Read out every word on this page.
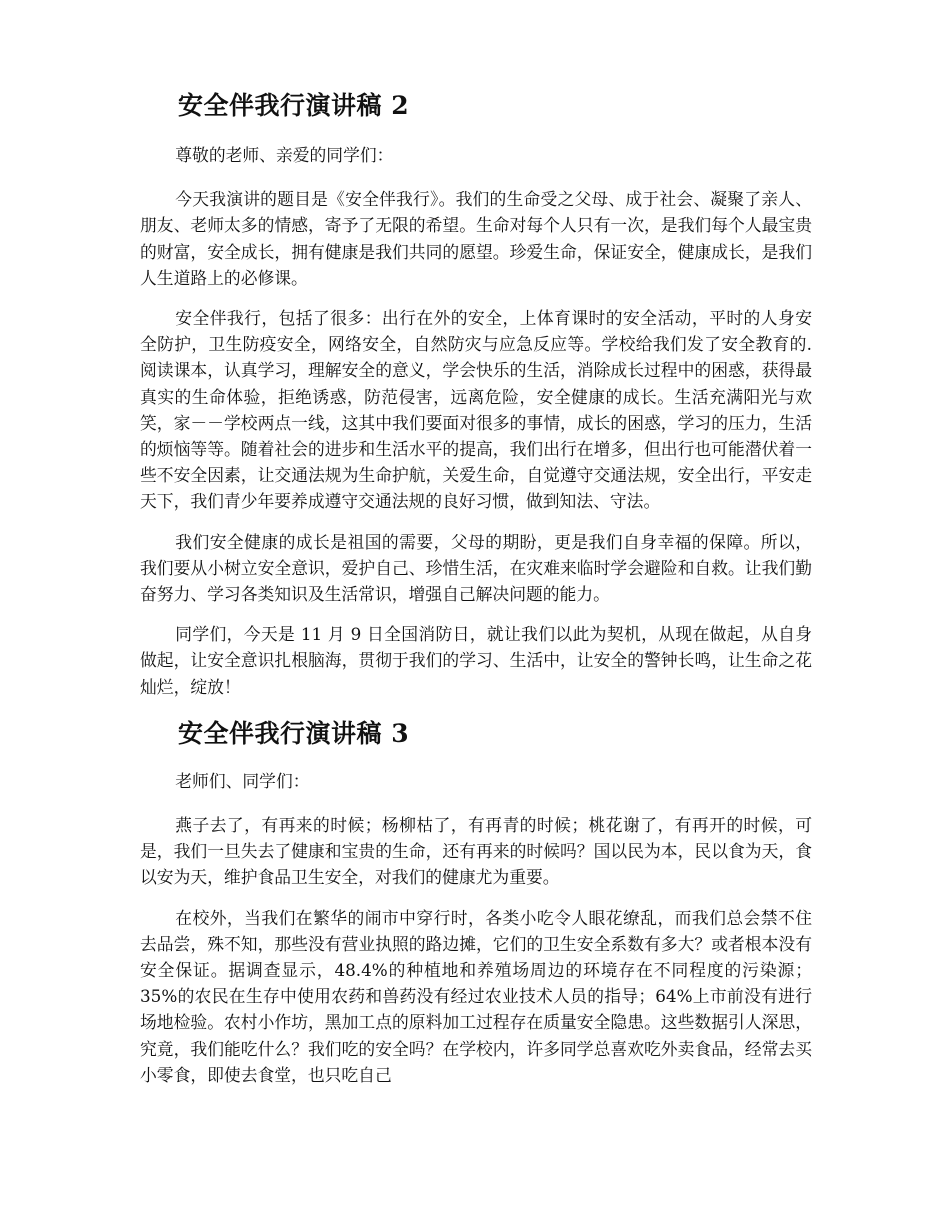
安全伴我行演讲稿 2

尊敬的老师、亲爱的同学们：

今天我演讲的题目是《安全伴我行》。我们的生命受之父母、成于社会、凝聚了亲人、朋友、老师太多的情感，寄予了无限的希望。生命对每个人只有一次，是我们每个人最宝贵的财富，安全成长，拥有健康是我们共同的愿望。珍爱生命，保证安全，健康成长，是我们人生道路上的必修课。

安全伴我行，包括了很多：出行在外的安全，上体育课时的安全活动，平时的人身安全防护，卫生防疫安全，网络安全，自然防灾与应急反应等。学校给我们发了安全教育的.阅读课本，认真学习，理解安全的意义，学会快乐的生活，消除成长过程中的困惑，获得最真实的生命体验，拒绝诱惑，防范侵害，远离危险，安全健康的成长。生活充满阳光与欢笑，家－－学校两点一线，这其中我们要面对很多的事情，成长的困惑，学习的压力，生活的烦恼等等。随着社会的进步和生活水平的提高，我们出行在增多，但出行也可能潜伏着一些不安全因素，让交通法规为生命护航，关爱生命，自觉遵守交通法规，安全出行，平安走天下，我们青少年要养成遵守交通法规的良好习惯，做到知法、守法。

我们安全健康的成长是祖国的需要，父母的期盼，更是我们自身幸福的保障。所以，我们要从小树立安全意识，爱护自己、珍惜生活，在灾难来临时学会避险和自救。让我们勤奋努力、学习各类知识及生活常识，增强自己解决问题的能力。

同学们，今天是 11 月 9 日全国消防日，就让我们以此为契机，从现在做起，从自身做起，让安全意识扎根脑海，贯彻于我们的学习、生活中，让安全的警钟长鸣，让生命之花灿烂，绽放！

安全伴我行演讲稿 3

老师们、同学们：

燕子去了，有再来的时候；杨柳枯了，有再青的时候；桃花谢了，有再开的时候，可是，我们一旦失去了健康和宝贵的生命，还有再来的时候吗？国以民为本，民以食为天，食以安为天，维护食品卫生安全，对我们的健康尤为重要。

在校外，当我们在繁华的闹市中穿行时，各类小吃令人眼花缭乱，而我们总会禁不住去品尝，殊不知，那些没有营业执照的路边摊，它们的卫生安全系数有多大？或者根本没有安全保证。据调查显示，48.4%的种植地和养殖场周边的环境存在不同程度的污染源；35%的农民在生存中使用农药和兽药没有经过农业技术人员的指导；64%上市前没有进行场地检验。农村小作坊，黑加工点的原料加工过程存在质量安全隐患。这些数据引人深思，究竟，我们能吃什么？我们吃的安全吗？在学校内，许多同学总喜欢吃外卖食品，经常去买小零食，即使去食堂，也只吃自己
